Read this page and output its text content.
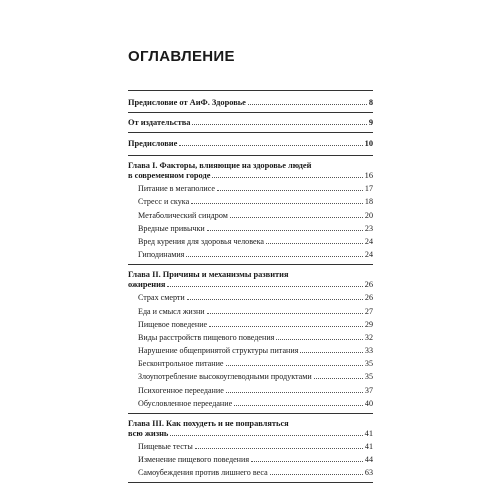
ОГЛАВЛЕНИЕ
Предисловие от АиФ. Здоровье	8
От издательства	9
Предисловие	10
Глава I. Факторы, влияющие на здоровье людей
в современном городе	16
Питание в мегаполисе	17
Стресс и скука	18
Метаболический синдром	20
Вредные привычки	23
Вред курения для здоровья человека	24
Гиподинамия	24
Глава II. Причины и механизмы развития
ожирения	26
Страх смерти	26
Еда и смысл жизни	27
Пищевое поведение	29
Виды расстройств пищевого поведения	32
Нарушение общепринятой структуры питания	33
Бесконтрольное питание	35
Злоупотребление высокоуглеводными продуктами	35
Психогенное переедание	37
Обусловленное переедание	40
Глава III. Как похудеть и не поправляться
всю жизнь	41
Пищевые тесты	41
Изменение пищевого поведения	44
Самоубеждения против лишнего веса	63
